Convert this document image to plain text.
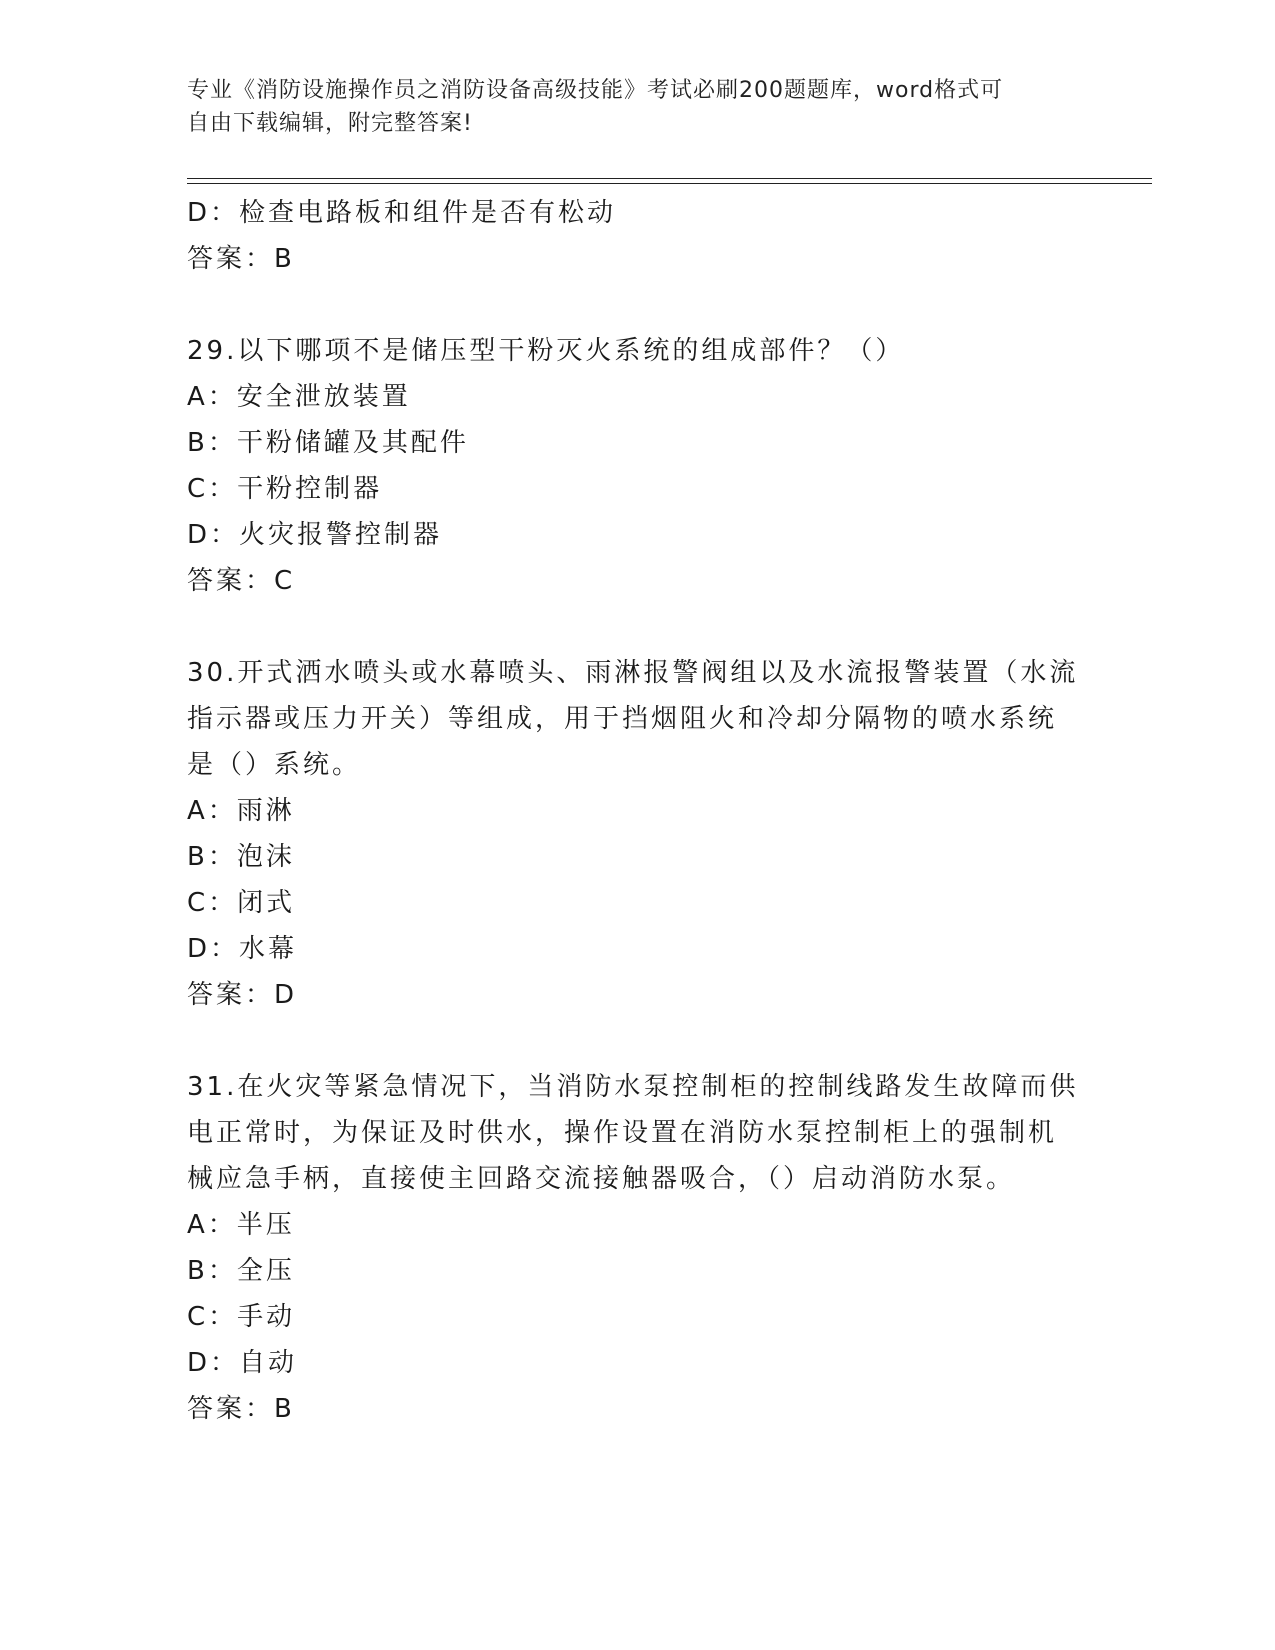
专业《消防设施操作员之消防设备高级技能》考试必刷200题题库，word格式可
自由下载编辑，附完整答案!
D：检查电路板和组件是否有松动
答案：B
29.以下哪项不是储压型干粉灭火系统的组成部件？（）
A：安全泄放装置
B：干粉储罐及其配件
C：干粉控制器
D：火灾报警控制器
答案：C
30.开式洒水喷头或水幕喷头、雨淋报警阀组以及水流报警装置（水流
指示器或压力开关）等组成，用于挡烟阻火和冷却分隔物的喷水系统
是（）系统。
A：雨淋
B：泡沫
C：闭式
D：水幕
答案：D
31.在火灾等紧急情况下，当消防水泵控制柜的控制线路发生故障而供
电正常时，为保证及时供水，操作设置在消防水泵控制柜上的强制机
械应急手柄，直接使主回路交流接触器吸合，（）启动消防水泵。
A：半压
B：全压
C：手动
D：自动
答案：B
